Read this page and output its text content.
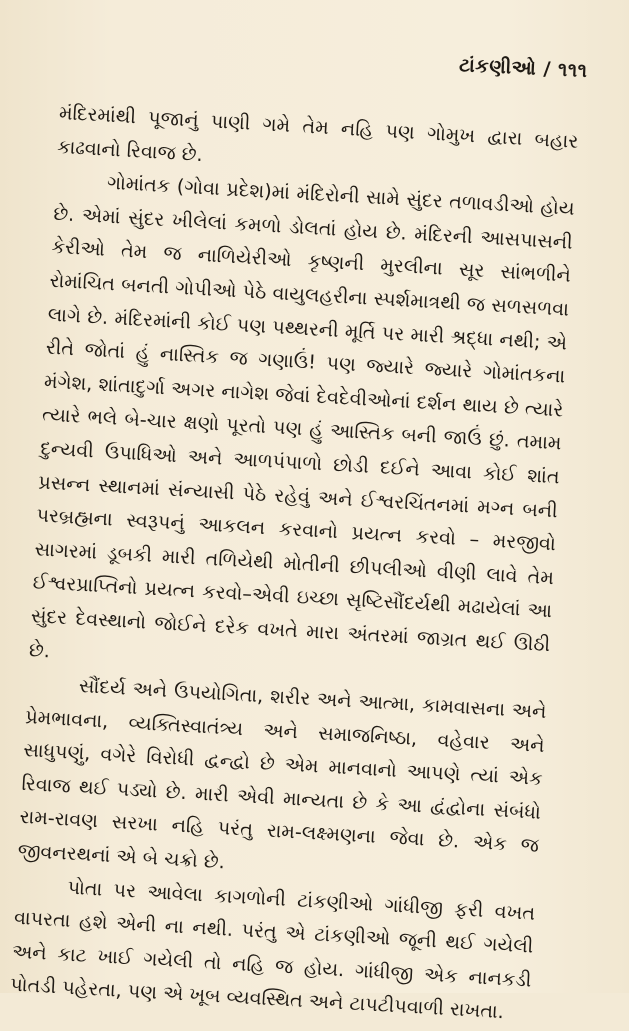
ટાંકણીઓ / ૧૧૧

મંદિરમાંથી પૂજાનું પાણી ગમે તેમ નહિ પણ ગોમુખ દ્વારા બહાર કાઢવાનો રિવાજ છે.

ગોમાંતક (ગોવા પ્રદેશ)માં મંદિરોની સામે સુંદર તળાવડીઓ હોય છે. એમાં સુંદર ખીલેલાં કમળો ડોલતાં હોય છે. મંદિરની આસપાસની કેરીઓ તેમ જ નાળિયેરીઓ કૃષ્ણની મુરલીના સૂર સાંભળીને રોમાંચિત બનતી ગોપીઓ પેઠે વાયુલહરીના સ્પર્શમાત્રથી જ સળસળવા લાગે છે. મંદિરમાંની કોઈ પણ પથ્થરની મૂર્તિ પર મારી શ્રદ્ધા નથી; એ રીતે જોતાં હું નાસ્તિક જ ગણાઉં! પણ જ્યારે જ્યારે ગોમાંતકના મંગેશ, શાંતાદુર્ગા અગર નાગેશ જેવાં દેવદેવીઓનાં દર્શન થાય છે ત્યારે ત્યારે ભલે બે-ચાર ક્ષણો પૂરતો પણ હું આસ્તિક બની જાઉં છું. તમામ દુન્યવી ઉપાધિઓ અને આળપંપાળો છોડી દઈને આવા કોઈ શાંત પ્રસન્ન સ્થાનમાં સંન્યાસી પેઠે રહેવું અને ઈશ્વરચિંતનમાં મગ્ન બની પરબ્રહ્મના સ્વરૂપનું આકલન કરવાનો પ્રયત્ન કરવો – મરજીવો સાગરમાં ડૂબકી મારી તળિયેથી મોતીની છીપલીઓ વીણી લાવે તેમ ઈશ્વરપ્રાપ્તિનો પ્રયત્ન કરવો–એવી ઇચ્છા સૃષ્ટિસૌંદર્યથી મઢાયેલાં આ સુંદર દેવસ્થાનો જોઈને દરેક વખતે મારા અંતરમાં જાગ્રત થઈ ઊઠી છે.

સૌંદર્ય અને ઉપયોગિતા, શરીર અને આત્મા, કામવાસના અને પ્રેમભાવના, વ્યક્તિસ્વાતંત્ર્ય અને સમાજનિષ્ઠા, વહેવાર અને સાધુપણું, વગેરે વિરોધી દ્વન્દ્વો છે એમ માનવાનો આપણે ત્યાં એક રિવાજ થઈ પડ્યો છે. મારી એવી માન્યતા છે કે આ દ્વંદ્વોના સંબંધો રામ-રાવણ સરખા નહિ પરંતુ રામ-લક્ષ્મણના જેવા છે. એક જ જીવનરથનાં એ બે ચક્રો છે.

પોતા પર આવેલા કાગળોની ટાંકણીઓ ગાંધીજી ફરી વખત વાપરતા હશે એની ના નથી. પરંતુ એ ટાંકણીઓ જૂની થઈ ગયેલી અને કાટ ખાઈ ગયેલી તો નહિ જ હોય. ગાંધીજી એક નાનકડી પોતડી પહેરતા, પણ એ ખૂબ વ્યવસ્થિત અને ટાપટીપવાળી રાખતા.
